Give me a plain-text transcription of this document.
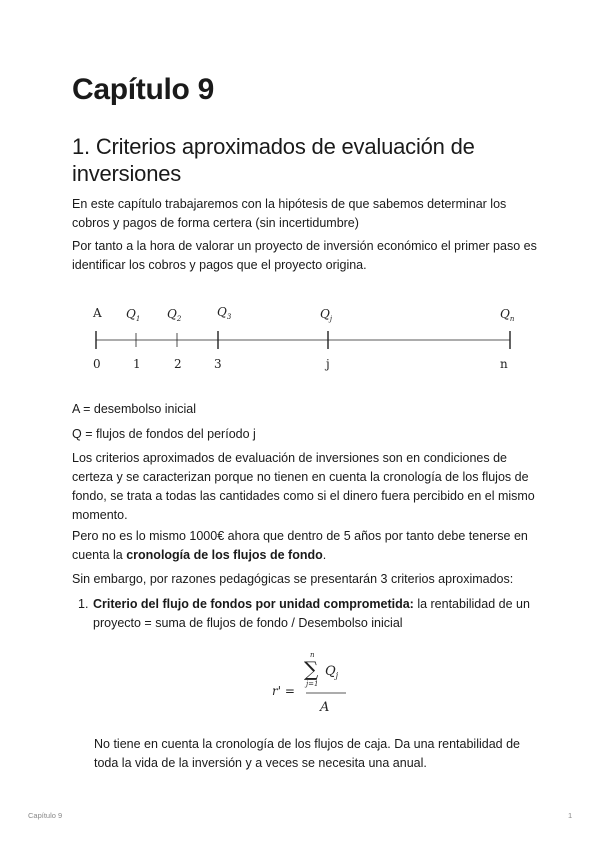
Capítulo 9
1. Criterios aproximados de evaluación de inversiones

En este capítulo trabajaremos con la hipótesis de que sabemos determinar los cobros y pagos de forma certera (sin incertidumbre)

Por tanto a la hora de valorar un proyecto de inversión económico el primer paso es identificar los cobros y pagos que el proyecto origina.

A $Q_1$ $Q_2$	$Q_3$	$Q_j$	$Q_n$
0	1	2	3	j	n

A = desembolso inicial

Q = flujos de fondos del período j

Los criterios aproximados de evaluación de inversiones son en condiciones de certeza y se caracterizan porque no tienen en cuenta la cronología de los flujos de fondo, se trata a todas las cantidades como si el dinero fuera percibido en el mismo momento.

Pero no es lo mismo 1000€ ahora que dentro de 5 años por tanto debe tenerse en cuenta la cronología de los flujos de fondo.

Sin embargo, por razones pedagógicas se presentarán 3 criterios aproximados:

1. Criterio del flujo de fondos por unidad comprometida: la rentabilidad de un proyecto = suma de flujos de fondo / Desembolso inicial
r' =
n
∑
j=1
$Q_j$
A

No tiene en cuenta la cronología de los flujos de caja. Da una rentabilidad de toda la vida de la inversión y a veces se necesita una anual.

Capítulo 9	1
